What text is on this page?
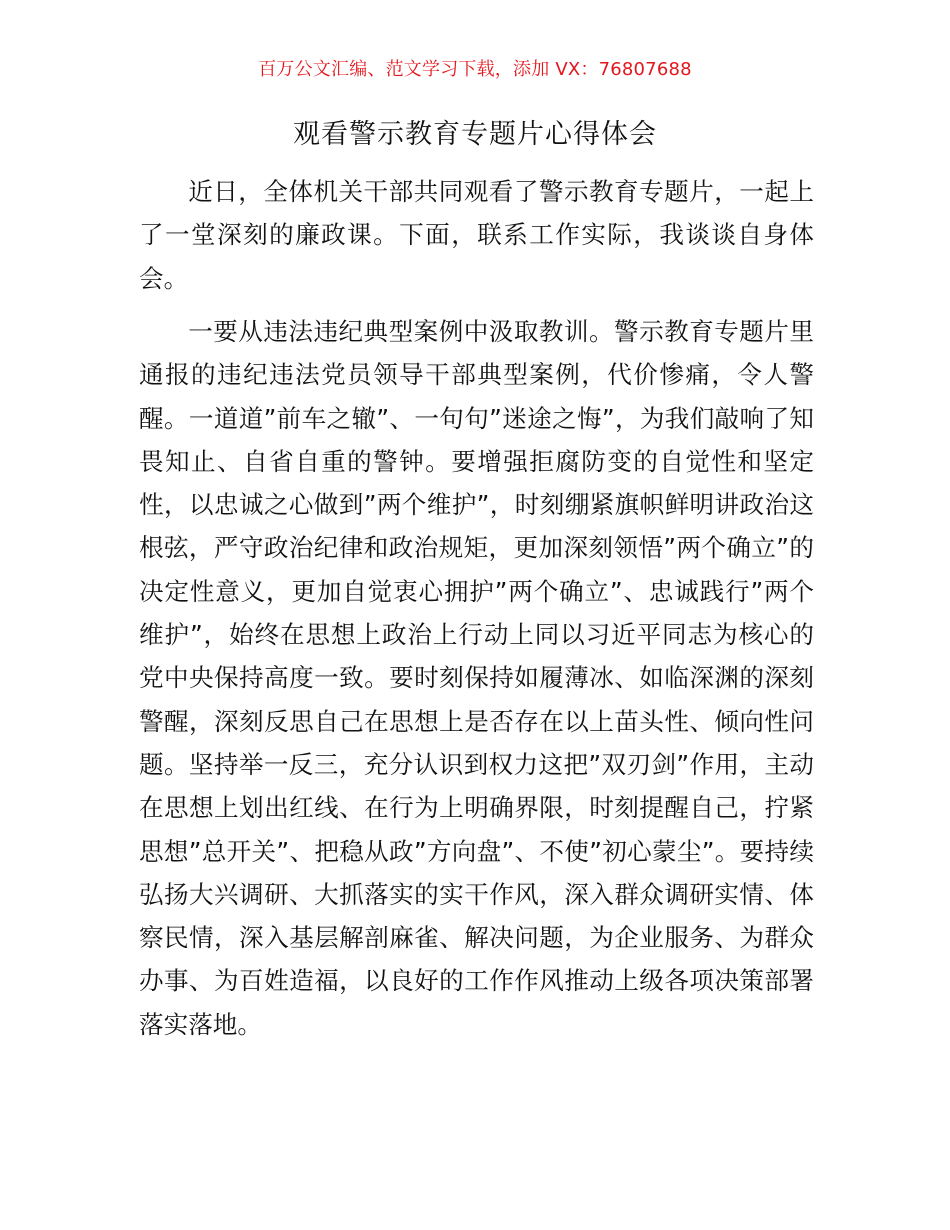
百万公文汇编、范文学习下载，添加 VX：76807688
观看警示教育专题片心得体会

近日，全体机关干部共同观看了警示教育专题片，一起上了一堂深刻的廉政课。下面，联系工作实际，我谈谈自身体会。

一要从违法违纪典型案例中汲取教训。警示教育专题片里通报的违纪违法党员领导干部典型案例，代价惨痛，令人警醒。一道道”前车之辙”、一句句”迷途之悔”，为我们敲响了知畏知止、自省自重的警钟。要增强拒腐防变的自觉性和坚定性，以忠诚之心做到”两个维护”，时刻绷紧旗帜鲜明讲政治这根弦，严守政治纪律和政治规矩，更加深刻领悟”两个确立”的决定性意义，更加自觉衷心拥护”两个确立”、忠诚践行”两个维护”，始终在思想上政治上行动上同以习近平同志为核心的党中央保持高度一致。要时刻保持如履薄冰、如临深渊的深刻警醒，深刻反思自己在思想上是否存在以上苗头性、倾向性问题。坚持举一反三，充分认识到权力这把”双刃剑”作用，主动在思想上划出红线、在行为上明确界限，时刻提醒自己，拧紧思想”总开关”、把稳从政”方向盘”、不使”初心蒙尘”。要持续弘扬大兴调研、大抓落实的实干作风，深入群众调研实情、体察民情，深入基层解剖麻雀、解决问题，为企业服务、为群众办事、为百姓造福，以良好的工作作风推动上级各项决策部署落实落地。
